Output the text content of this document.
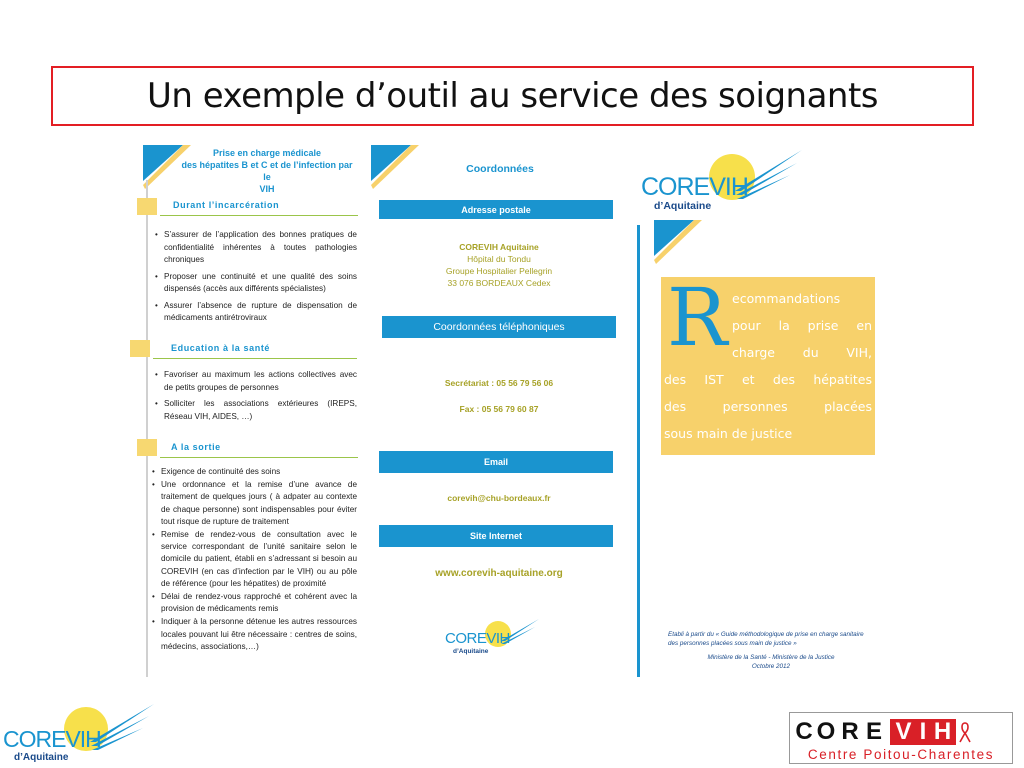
Un exemple d’outil au service des soignants
Prise en charge médicale
des hépatites B et C et de l’infection par le
VIH
Durant l’incarcération
• S’assurer de l’application des bonnes pratiques de confidentialité inhérentes à toutes pathologies chroniques
• Proposer une continuité et une qualité des soins dispensés (accès aux différents spécialistes)
• Assurer l’absence de rupture de dispensation de médicaments antirétroviraux
Education à la santé
• Favoriser au maximum les actions collectives avec de petits groupes de personnes
• Solliciter les associations extérieures (IREPS, Réseau VIH, AIDES, …)
A la sortie
• Exigence de continuité des soins
• Une ordonnance et la remise d’une avance de traitement de quelques jours ( à adpater au contexte de chaque personne) sont indispensables pour éviter tout risque de rupture de traitement
• Remise de rendez-vous de consultation avec le service correspondant de l’unité sanitaire selon le domicile du patient, établi en s’adressant si besoin au COREVIH (en cas d’infection par le VIH) ou au pôle de référence (pour les hépatites) de proximité
• Délai de rendez-vous rapproché et cohérent avec la provision de médicaments remis
• Indiquer à la personne détenue les autres ressources locales pouvant lui être nécessaire : centres de soins, médecins, associations,…)
Coordonnées
Adresse postale
COREVIH Aquitaine
Hôpital du Tondu
Groupe Hospitalier Pellegrin
33 076 BORDEAUX Cedex
Coordonnées téléphoniques
Secrétariat : 05 56 79 56 06
Fax : 05 56 79 60 87
Email
corevih@chu-bordeaux.fr
Site Internet
www.corevih-aquitaine.org
COREVIH
d’Aquitaine
COREVIH
d’Aquitaine
R ecommandations
pour la prise en
charge du VIH,
des IST et des hépatites
des personnes placées
sous main de justice
Etabli à partir du « Guide méthodologique de prise en charge sanitaire des personnes placées sous main de justice »
Ministère de la Santé - Ministère de la Justice
Octobre 2012
COREVIH
d’Aquitaine
C O R E V I H
Centre Poitou-Charentes
